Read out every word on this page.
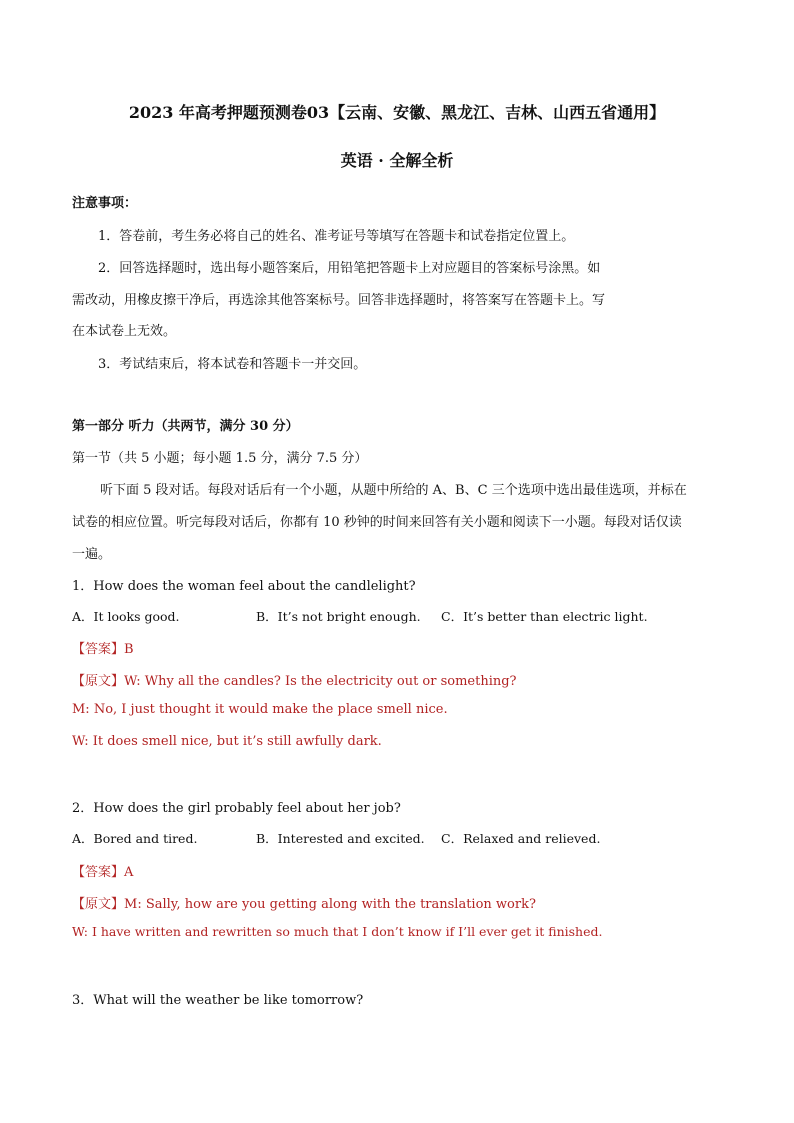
2023 年高考押题预测卷03【云南、安徽、黑龙江、吉林、山西五省通用】
英语 · 全解全析
注意事项：
1．答卷前，考生务必将自己的姓名、准考证号等填写在答题卡和试卷指定位置上。
2．回答选择题时，选出每小题答案后，用铅笔把答题卡上对应题目的答案标号涂黑。如
需改动，用橡皮擦干净后，再选涂其他答案标号。回答非选择题时，将答案写在答题卡上。写
在本试卷上无效。
3．考试结束后，将本试卷和答题卡一并交回。
第一部分 听力（共两节，满分 30 分）
第一节（共 5 小题；每小题 1.5 分，满分 7.5 分）
听下面 5 段对话。每段对话后有一个小题，从题中所给的 A、B、C 三个选项中选出最佳选项，并标在
试卷的相应位置。听完每段对话后，你都有 10 秒钟的时间来回答有关小题和阅读下一小题。每段对话仅读
一遍。
1．How does the woman feel about the candlelight?
A．It looks good.	B．It’s not bright enough. C．It’s better than electric light.
【答案】B
【原文】W: Why all the candles? Is the electricity out or something?
M: No, I just thought it would make the place smell nice.
W: It does smell nice, but it’s still awfully dark.
2．How does the girl probably feel about her job?
A．Bored and tired.	B．Interested and excited. C．Relaxed and relieved.
【答案】A
【原文】M: Sally, how are you getting along with the translation work?
W: I have written and rewritten so much that I don’t know if I’ll ever get it finished.
3．What will the weather be like tomorrow?
